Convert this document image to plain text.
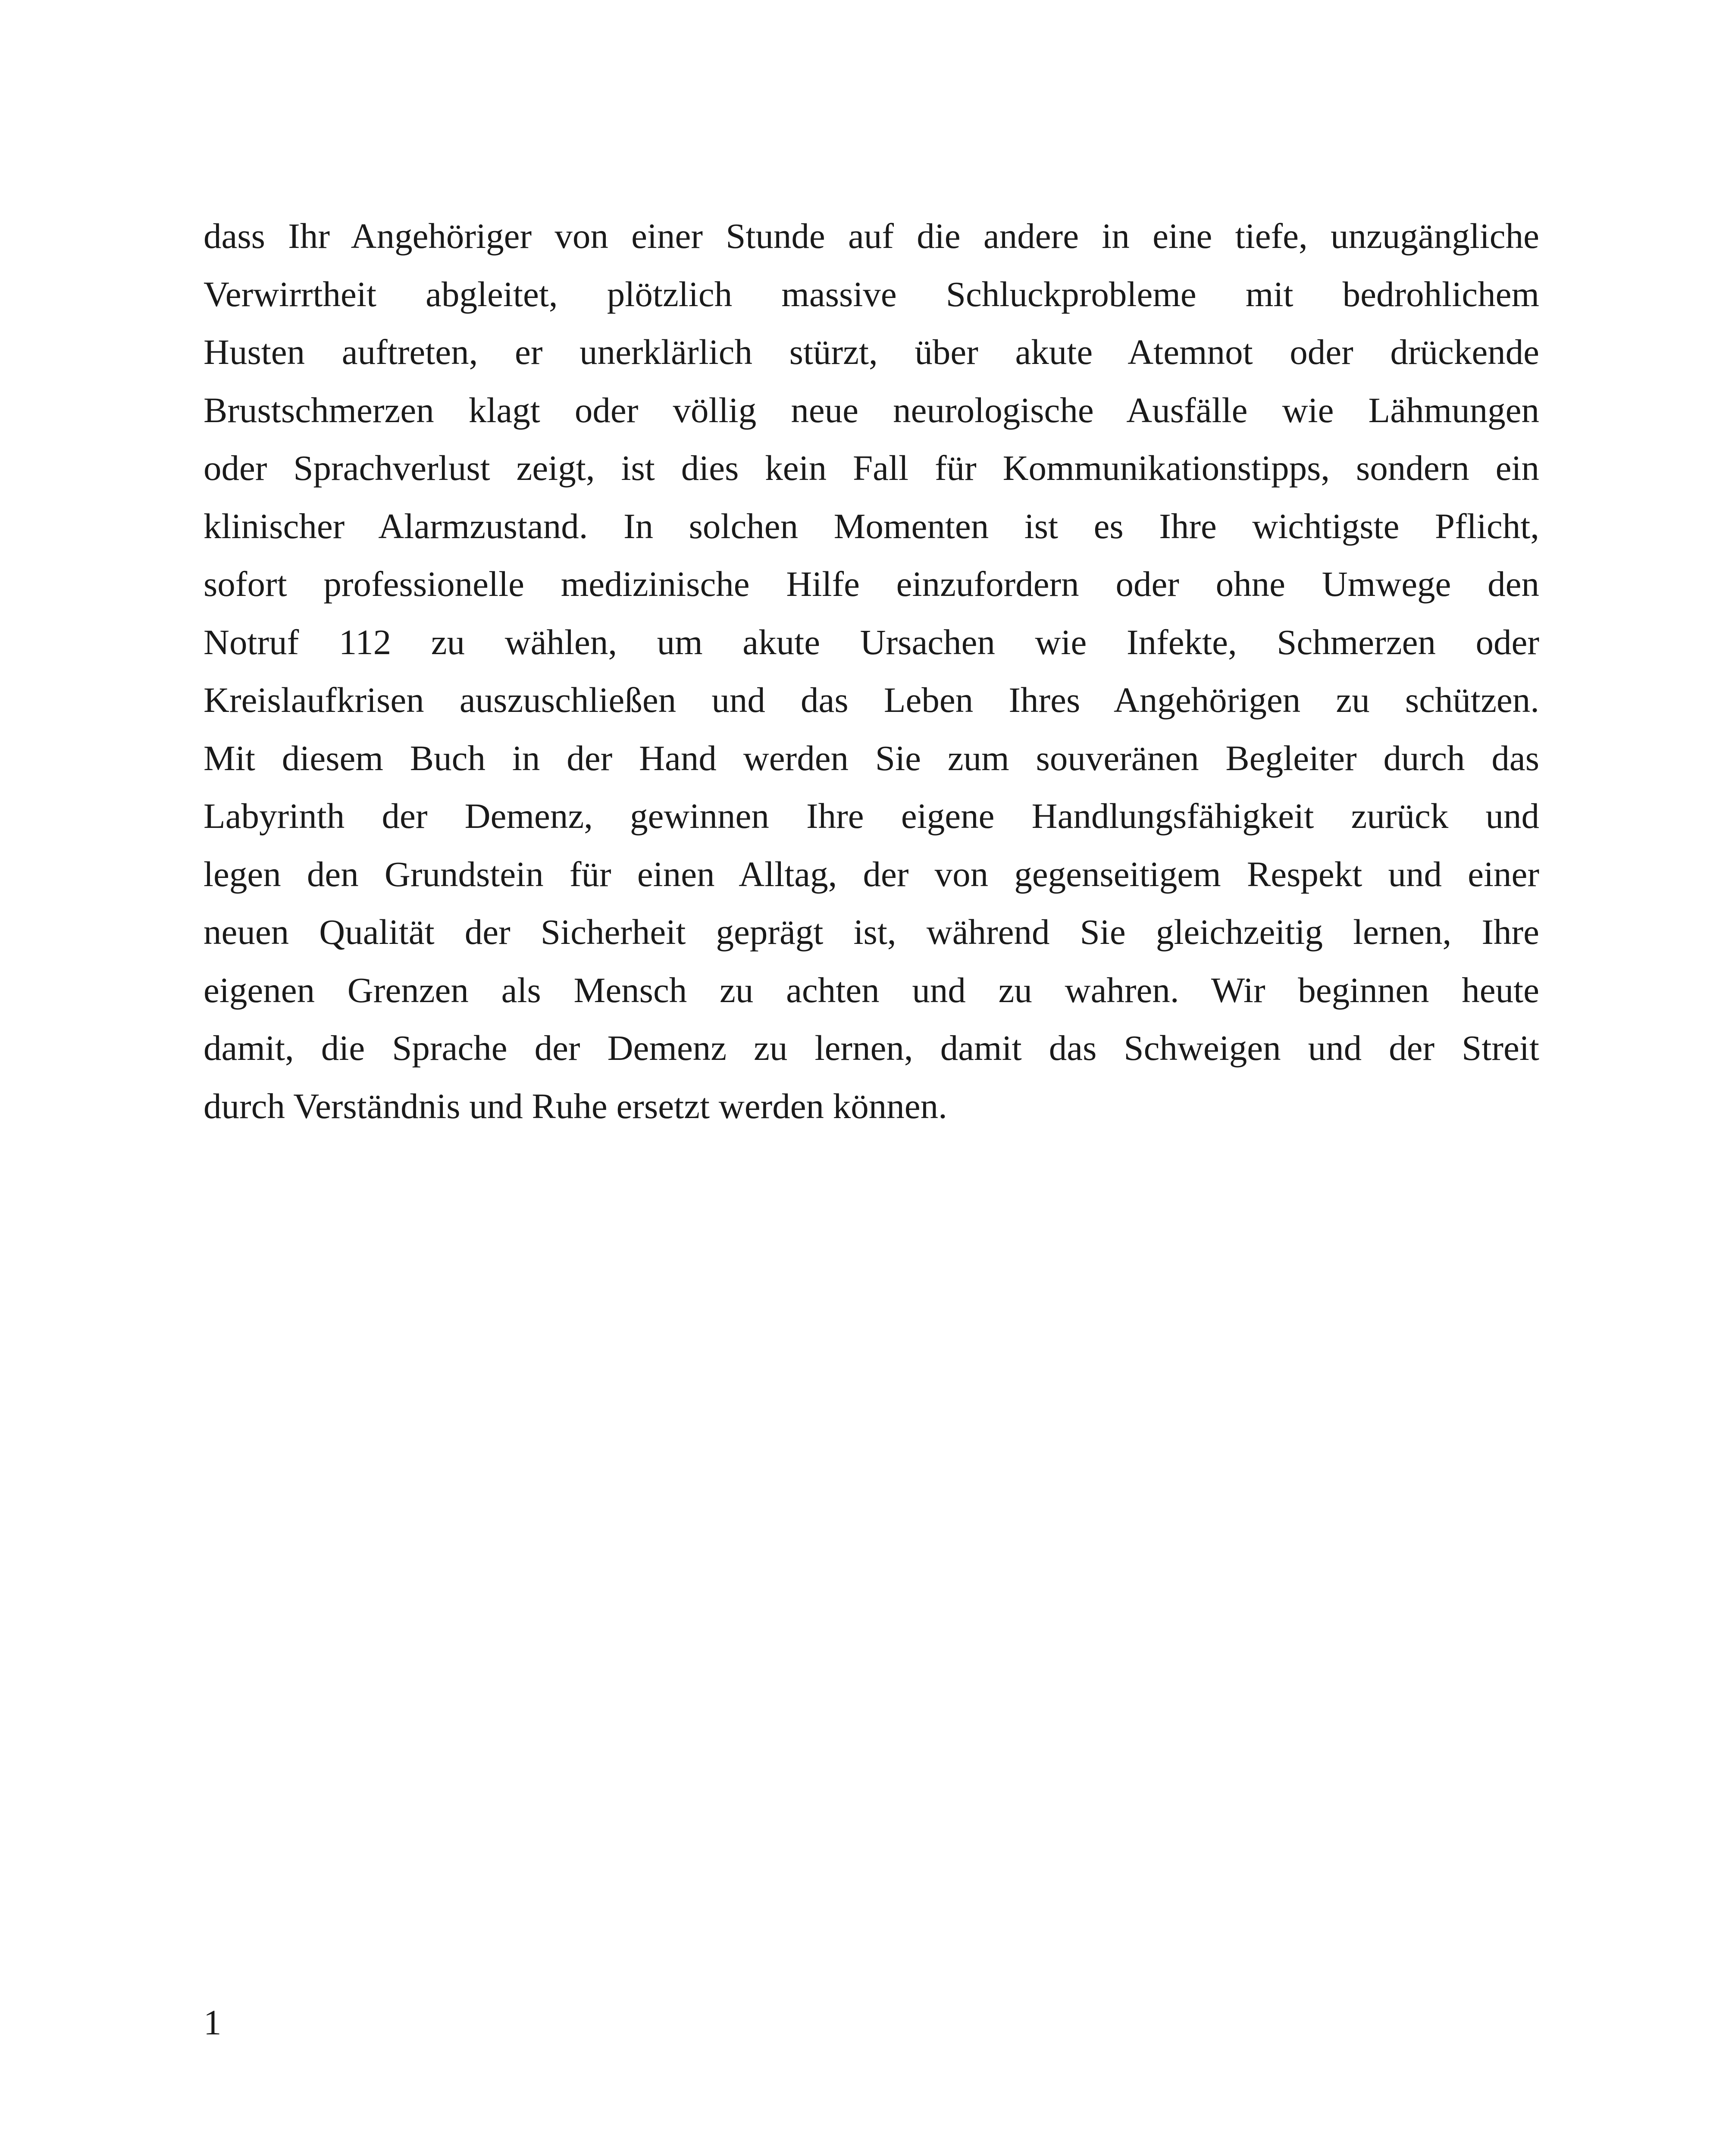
dass Ihr Angehöriger von einer Stunde auf die andere in eine tiefe, unzugängliche
Verwirrtheit abgleitet, plötzlich massive Schluckprobleme mit bedrohlichem
Husten auftreten, er unerklärlich stürzt, über akute Atemnot oder drückende
Brustschmerzen klagt oder völlig neue neurologische Ausfälle wie Lähmungen
oder Sprachverlust zeigt, ist dies kein Fall für Kommunikationstipps, sondern ein
klinischer Alarmzustand. In solchen Momenten ist es Ihre wichtigste Pflicht,
sofort professionelle medizinische Hilfe einzufordern oder ohne Umwege den
Notruf 112 zu wählen, um akute Ursachen wie Infekte, Schmerzen oder
Kreislaufkrisen auszuschließen und das Leben Ihres Angehörigen zu schützen.
Mit diesem Buch in der Hand werden Sie zum souveränen Begleiter durch das
Labyrinth der Demenz, gewinnen Ihre eigene Handlungsfähigkeit zurück und
legen den Grundstein für einen Alltag, der von gegenseitigem Respekt und einer
neuen Qualität der Sicherheit geprägt ist, während Sie gleichzeitig lernen, Ihre
eigenen Grenzen als Mensch zu achten und zu wahren. Wir beginnen heute
damit, die Sprache der Demenz zu lernen, damit das Schweigen und der Streit
durch Verständnis und Ruhe ersetzt werden können.
1
